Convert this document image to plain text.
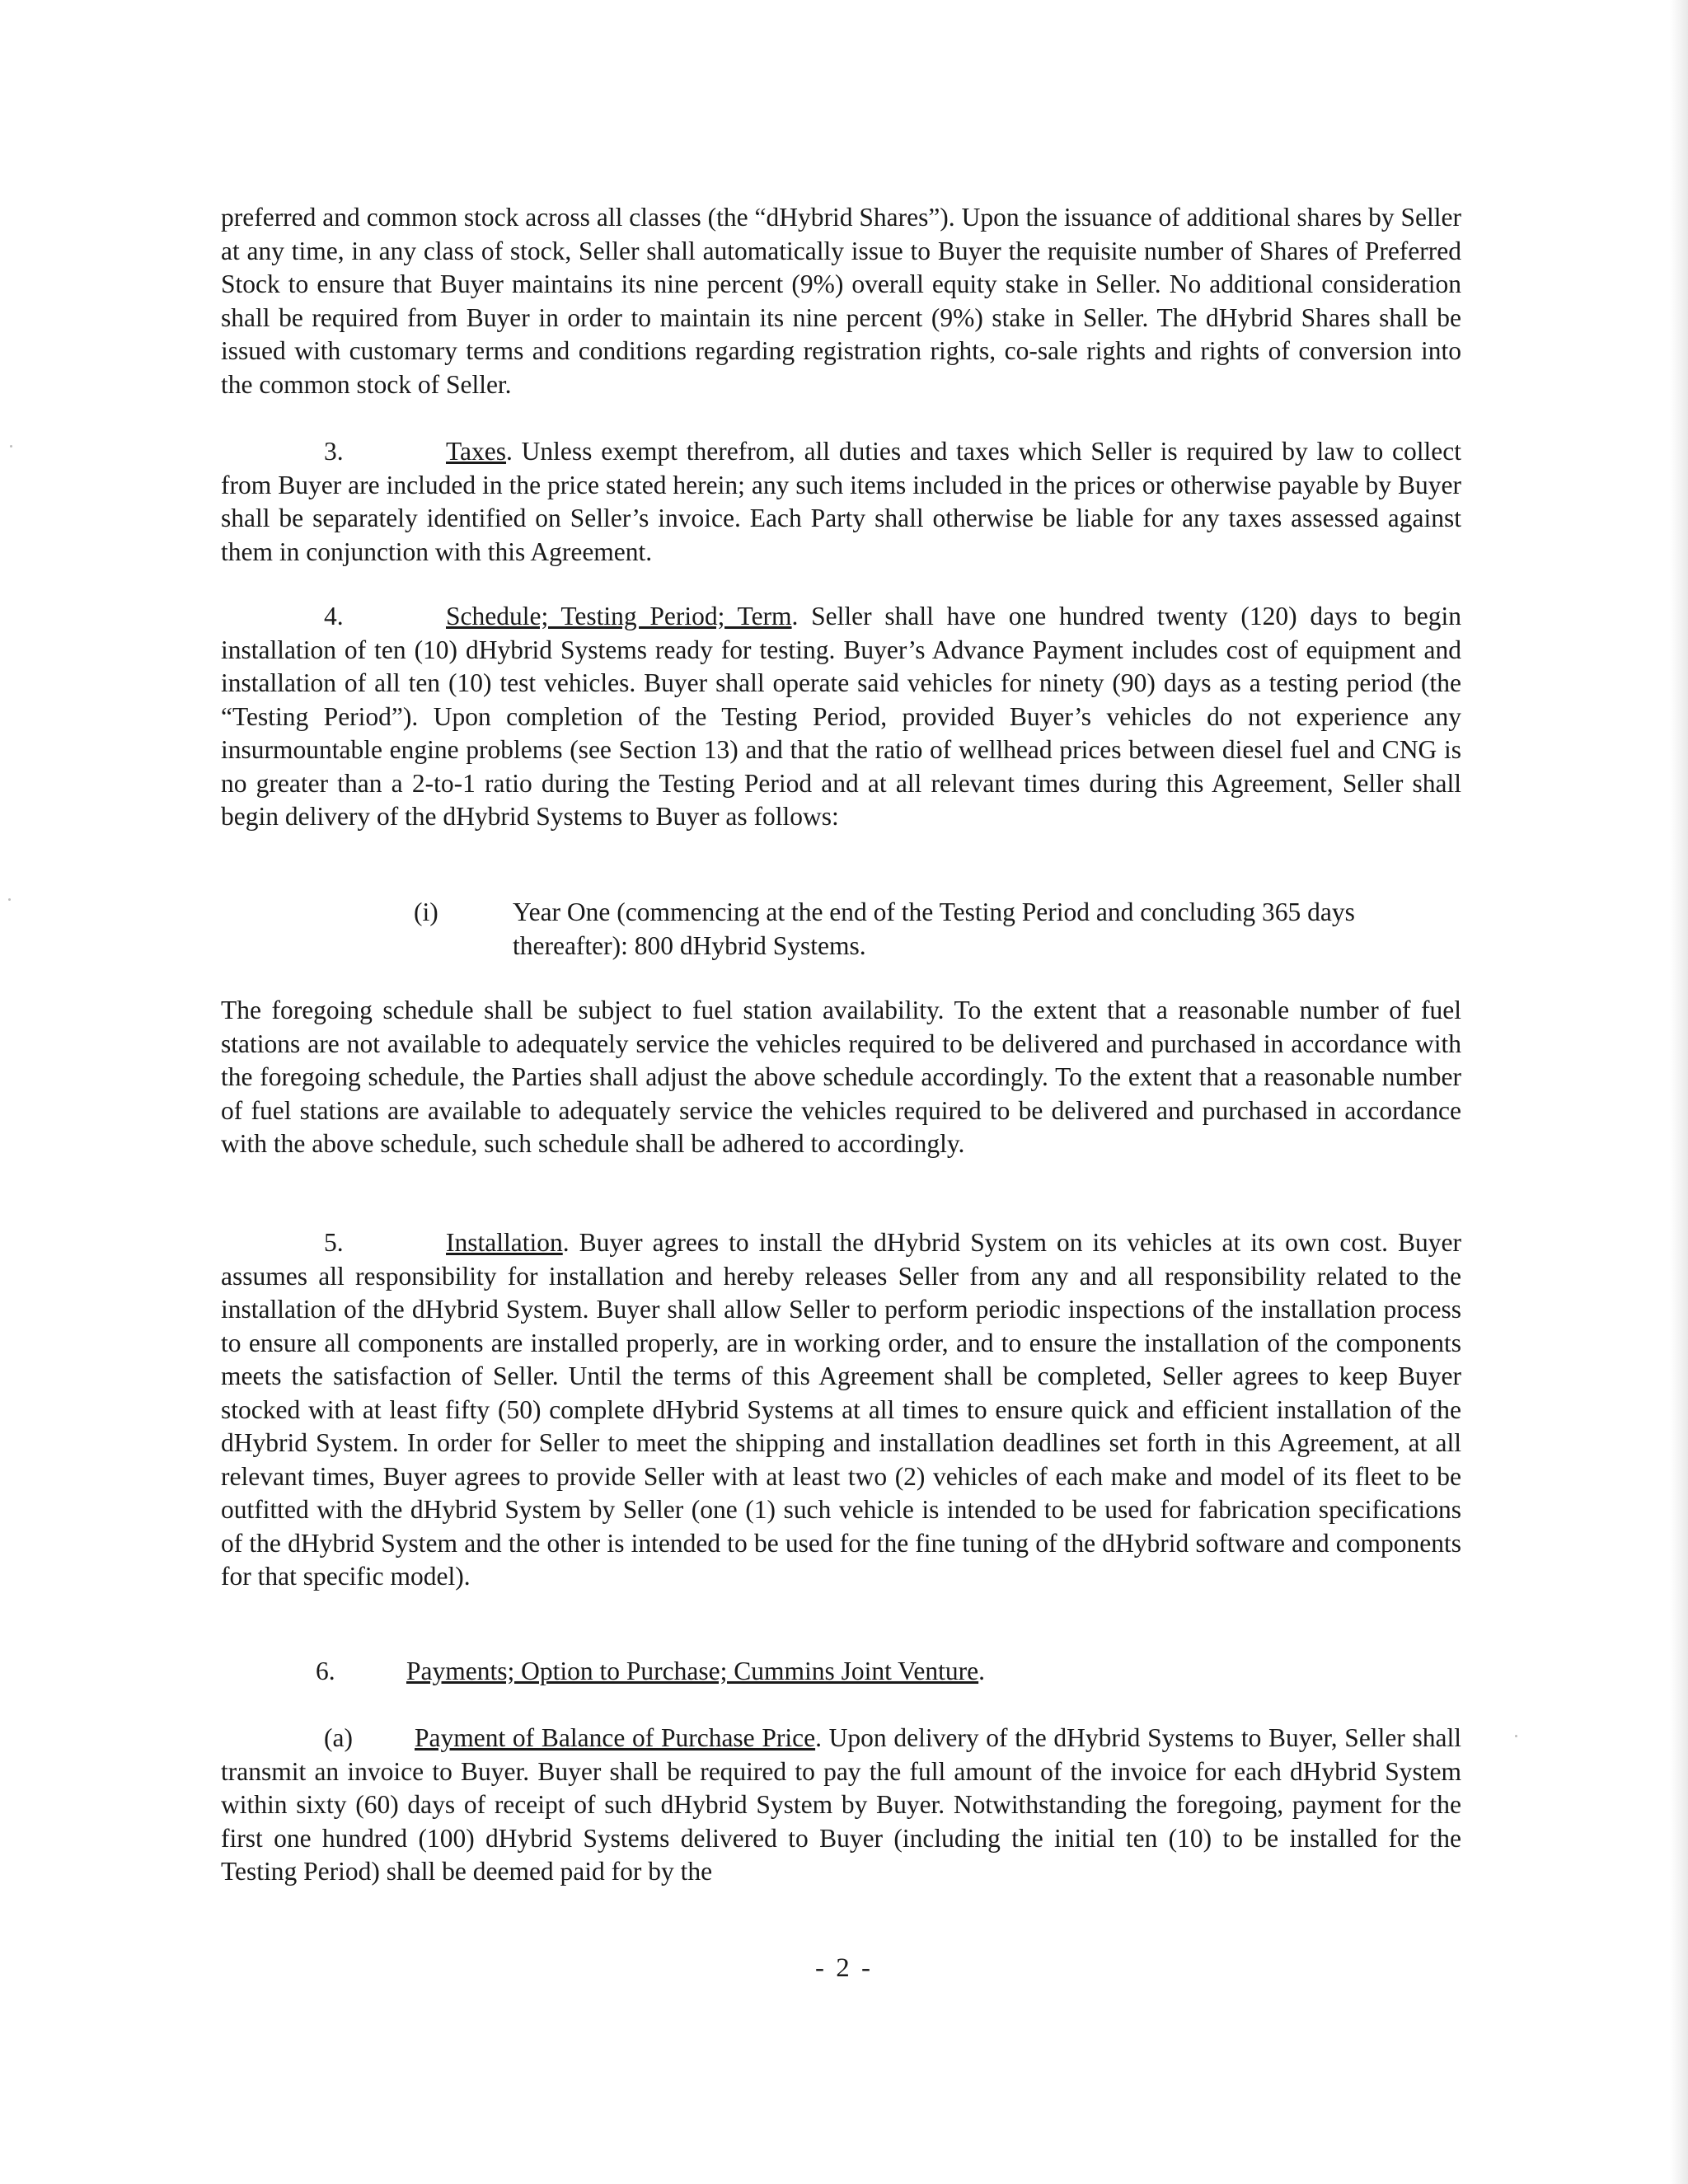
preferred and common stock across all classes (the “dHybrid Shares”). Upon the issuance of additional shares by Seller at any time, in any class of stock, Seller shall automatically issue to Buyer the requisite number of Shares of Preferred Stock to ensure that Buyer maintains its nine percent (9%) overall equity stake in Seller. No additional consideration shall be required from Buyer in order to maintain its nine percent (9%) stake in Seller. The dHybrid Shares shall be issued with customary terms and conditions regarding registration rights, co-sale rights and rights of conversion into the common stock of Seller.

3.	Taxes. Unless exempt therefrom, all duties and taxes which Seller is required by law to collect from Buyer are included in the price stated herein; any such items included in the prices or otherwise payable by Buyer shall be separately identified on Seller’s invoice. Each Party shall otherwise be liable for any taxes assessed against them in conjunction with this Agreement.

4.	Schedule; Testing Period; Term. Seller shall have one hundred twenty (120) days to begin installation of ten (10) dHybrid Systems ready for testing. Buyer’s Advance Payment includes cost of equipment and installation of all ten (10) test vehicles. Buyer shall operate said vehicles for ninety (90) days as a testing period (the “Testing Period”). Upon completion of the Testing Period, provided Buyer’s vehicles do not experience any insurmountable engine problems (see Section 13) and that the ratio of wellhead prices between diesel fuel and CNG is no greater than a 2-to-1 ratio during the Testing Period and at all relevant times during this Agreement, Seller shall begin delivery of the dHybrid Systems to Buyer as follows:

(i)	Year One (commencing at the end of the Testing Period and concluding 365 days thereafter): 800 dHybrid Systems.

The foregoing schedule shall be subject to fuel station availability. To the extent that a reasonable number of fuel stations are not available to adequately service the vehicles required to be delivered and purchased in accordance with the foregoing schedule, the Parties shall adjust the above schedule accordingly. To the extent that a reasonable number of fuel stations are available to adequately service the vehicles required to be delivered and purchased in accordance with the above schedule, such schedule shall be adhered to accordingly.

5.	Installation. Buyer agrees to install the dHybrid System on its vehicles at its own cost. Buyer assumes all responsibility for installation and hereby releases Seller from any and all responsibility related to the installation of the dHybrid System. Buyer shall allow Seller to perform periodic inspections of the installation process to ensure all components are installed properly, are in working order, and to ensure the installation of the components meets the satisfaction of Seller. Until the terms of this Agreement shall be completed, Seller agrees to keep Buyer stocked with at least fifty (50) complete dHybrid Systems at all times to ensure quick and efficient installation of the dHybrid System. In order for Seller to meet the shipping and installation deadlines set forth in this Agreement, at all relevant times, Buyer agrees to provide Seller with at least two (2) vehicles of each make and model of its fleet to be outfitted with the dHybrid System by Seller (one (1) such vehicle is intended to be used for fabrication specifications of the dHybrid System and the other is intended to be used for the fine tuning of the dHybrid software and components for that specific model).

6.	Payments; Option to Purchase; Cummins Joint Venture.

(a) Payment of Balance of Purchase Price. Upon delivery of the dHybrid Systems to Buyer, Seller shall transmit an invoice to Buyer. Buyer shall be required to pay the full amount of the invoice for each dHybrid System within sixty (60) days of receipt of such dHybrid System by Buyer. Notwithstanding the foregoing, payment for the first one hundred (100) dHybrid Systems delivered to Buyer (including the initial ten (10) to be installed for the Testing Period) shall be deemed paid for by the

- 2 -
